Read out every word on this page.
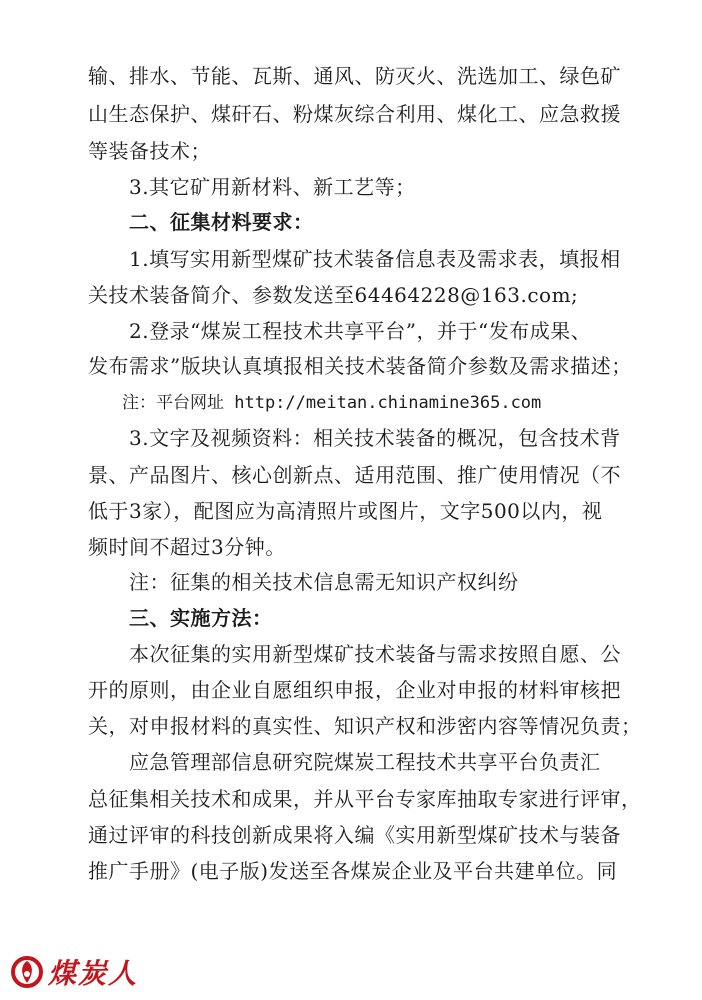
输、排水、节能、瓦斯、通风、防灭火、洗选加工、绿色矿
山生态保护、煤矸石、粉煤灰综合利用、煤化工、应急救援
等装备技术；
　　3.其它矿用新材料、新工艺等；
　　二、征集材料要求：
　　1.填写实用新型煤矿技术装备信息表及需求表，填报相
关技术装备简介、参数发送至64464228@163.com;
　　2.登录“煤炭工程技术共享平台”，并于“发布成果、
发布需求”版块认真填报相关技术装备简介参数及需求描述；
　　注：平台网址 http://meitan.chinamine365.com
　　3.文字及视频资料：相关技术装备的概况，包含技术背
景、产品图片、核心创新点、适用范围、推广使用情况（不
低于3家），配图应为高清照片或图片，文字500以内，视
频时间不超过3分钟。
　　注：征集的相关技术信息需无知识产权纠纷
　　三、实施方法：
　　本次征集的实用新型煤矿技术装备与需求按照自愿、公
开的原则，由企业自愿组织申报，企业对申报的材料审核把
关，对申报材料的真实性、知识产权和涉密内容等情况负责；
　　应急管理部信息研究院煤炭工程技术共享平台负责汇
总征集相关技术和成果，并从平台专家库抽取专家进行评审，
通过评审的科技创新成果将入编《实用新型煤矿技术与装备
推广手册》(电子版)发送至各煤炭企业及平台共建单位。同
煤炭人
